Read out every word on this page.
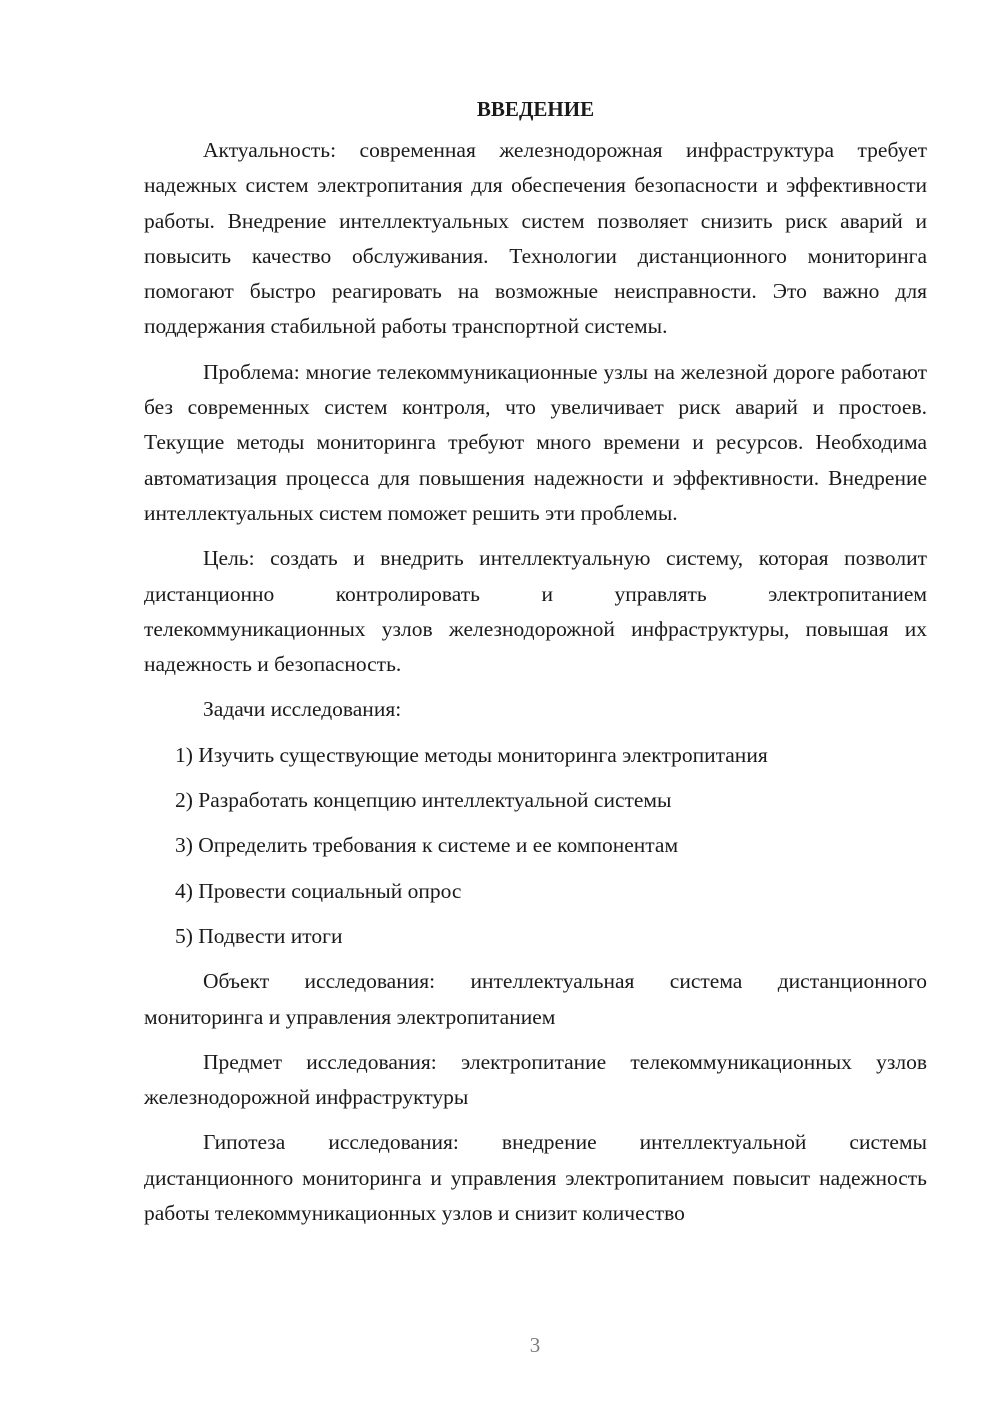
ВВЕДЕНИЕ

Актуальность: современная железнодорожная инфраструктура требует надежных систем электропитания для обеспечения безопасности и эффективности работы. Внедрение интеллектуальных систем позволяет снизить риск аварий и повысить качество обслуживания. Технологии дистанционного мониторинга помогают быстро реагировать на возможные неисправности. Это важно для поддержания стабильной работы транспортной системы.

Проблема: многие телекоммуникационные узлы на железной дороге работают без современных систем контроля, что увеличивает риск аварий и простоев. Текущие методы мониторинга требуют много времени и ресурсов. Необходима автоматизация процесса для повышения надежности и эффективности. Внедрение интеллектуальных систем поможет решить эти проблемы.

Цель: создать и внедрить интеллектуальную систему, которая позволит дистанционно контролировать и управлять электропитанием телекоммуникационных узлов железнодорожной инфраструктуры, повышая их надежность и безопасность.

Задачи исследования:

1) Изучить существующие методы мониторинга электропитания
2) Разработать концепцию интеллектуальной системы
3) Определить требования к системе и ее компонентам
4) Провести социальный опрос
5) Подвести итоги

Объект исследования: интеллектуальная система дистанционного мониторинга и управления электропитанием

Предмет исследования: электропитание телекоммуникационных узлов железнодорожной инфраструктуры

Гипотеза исследования: внедрение интеллектуальной системы дистанционного мониторинга и управления электропитанием повысит надежность работы телекоммуникационных узлов и снизит количество

3
